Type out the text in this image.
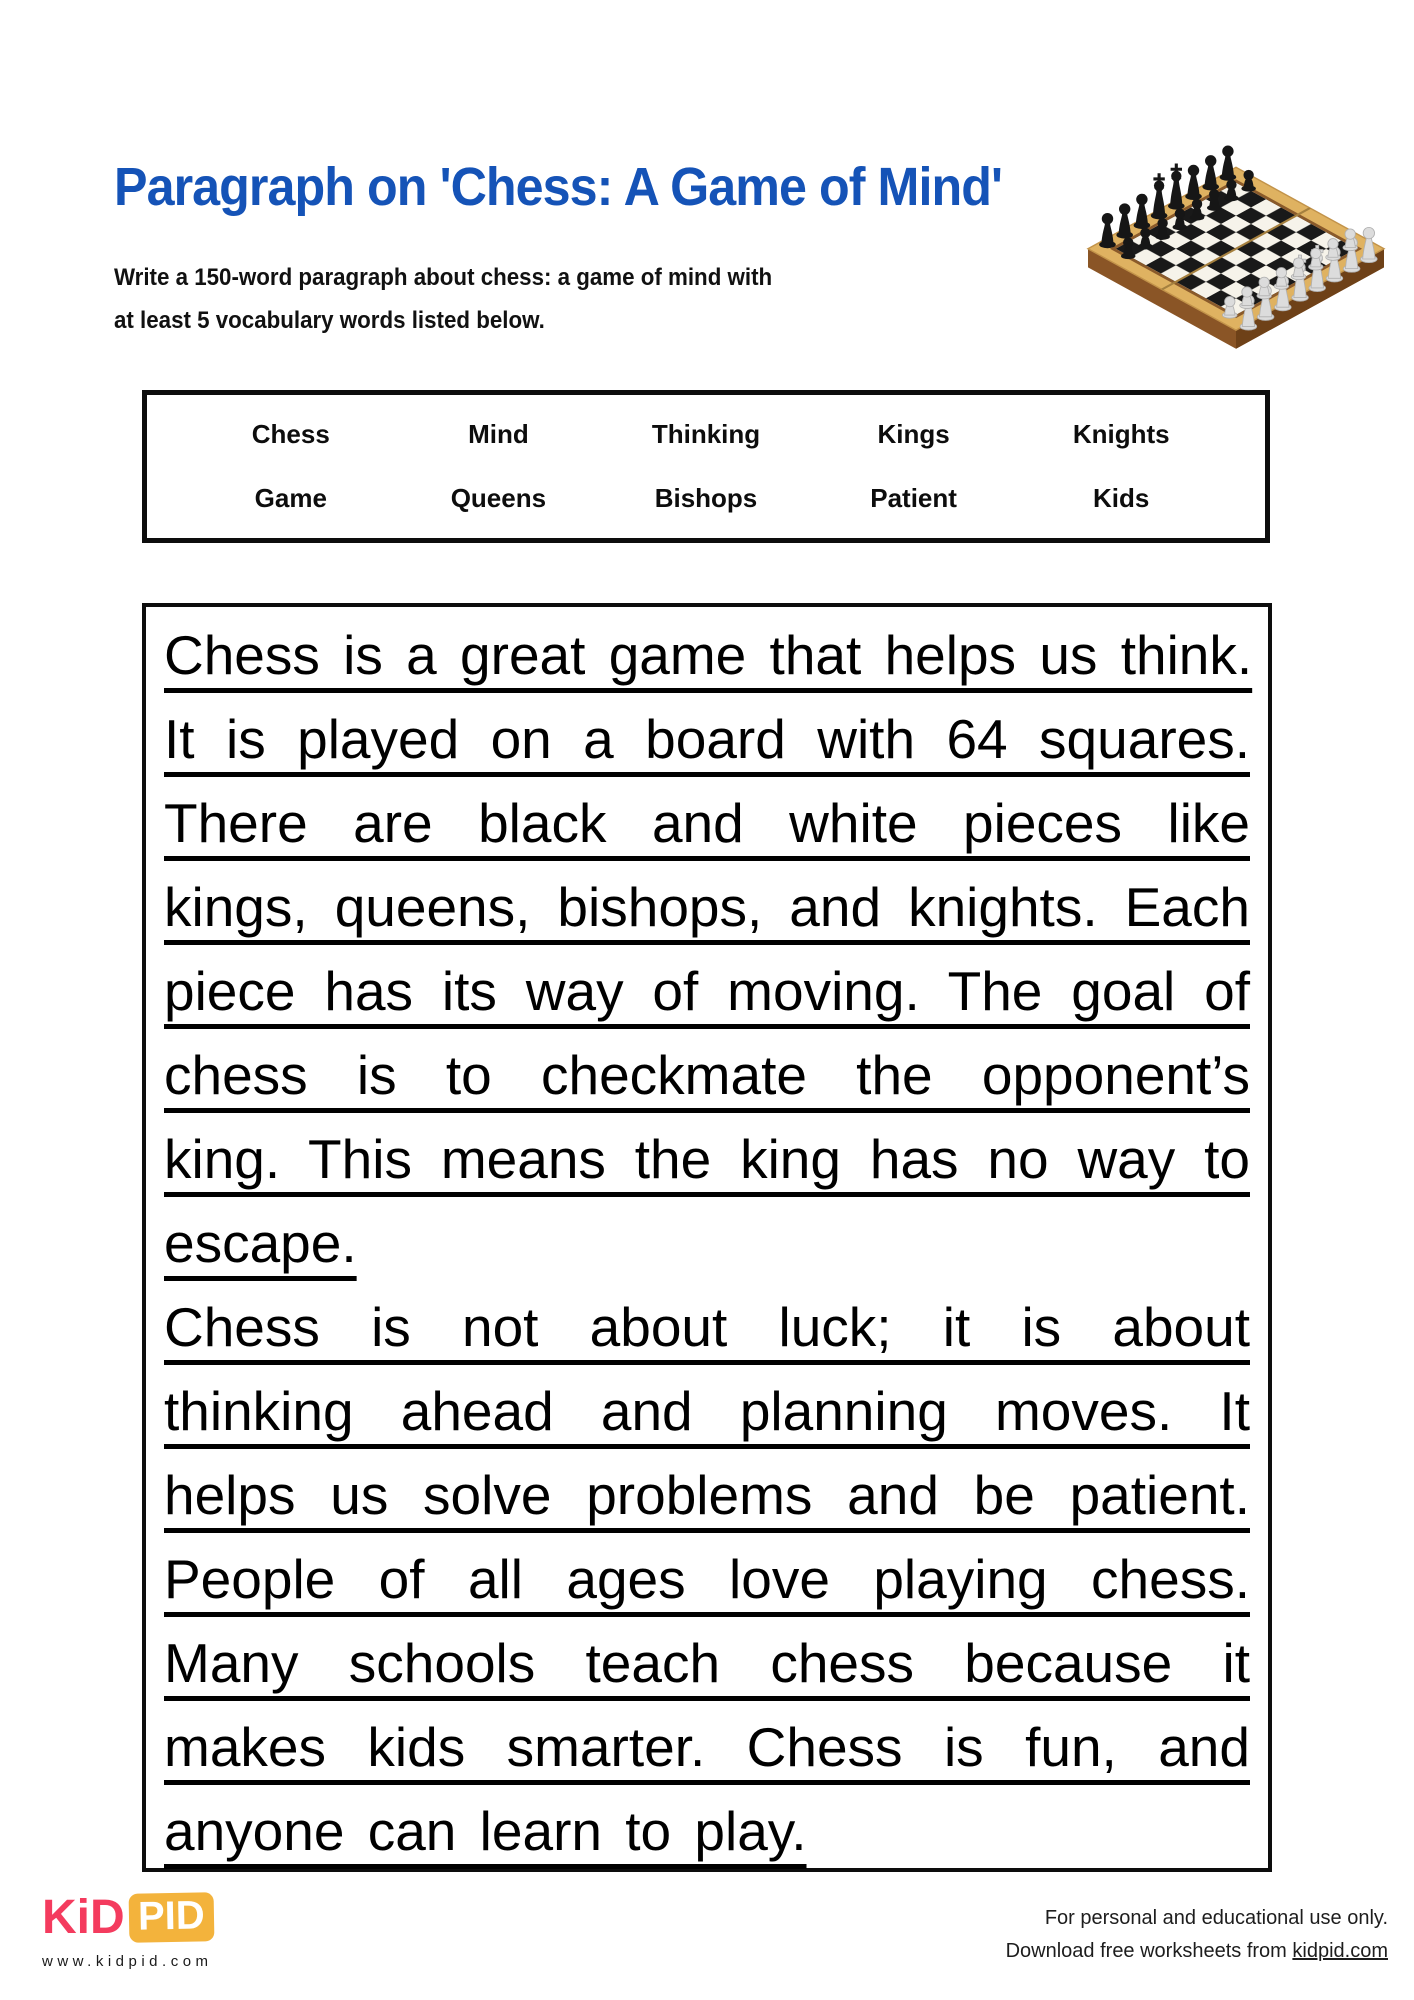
Paragraph on 'Chess: A Game of Mind'
Write a 150-word paragraph about chess: a game of mind with
at least 5 vocabulary words listed below.
Chess	Mind	Thinking	Kings	Knights
Game	Queens	Bishops	Patient	Kids
Chess is a great game that helps us think.
It is played on a board with 64 squares.
There are black and white pieces like
kings, queens, bishops, and knights. Each
piece has its way of moving. The goal of
chess is to checkmate the opponent’s
king. This means the king has no way to
escape.
Chess is not about luck; it is about
thinking ahead and planning moves. It
helps us solve problems and be patient.
People of all ages love playing chess.
Many schools teach chess because it
makes kids smarter. Chess is fun, and
anyone can learn to play.
KiD PID
www.kidpid.com
For personal and educational use only.
Download free worksheets from kidpid.com
